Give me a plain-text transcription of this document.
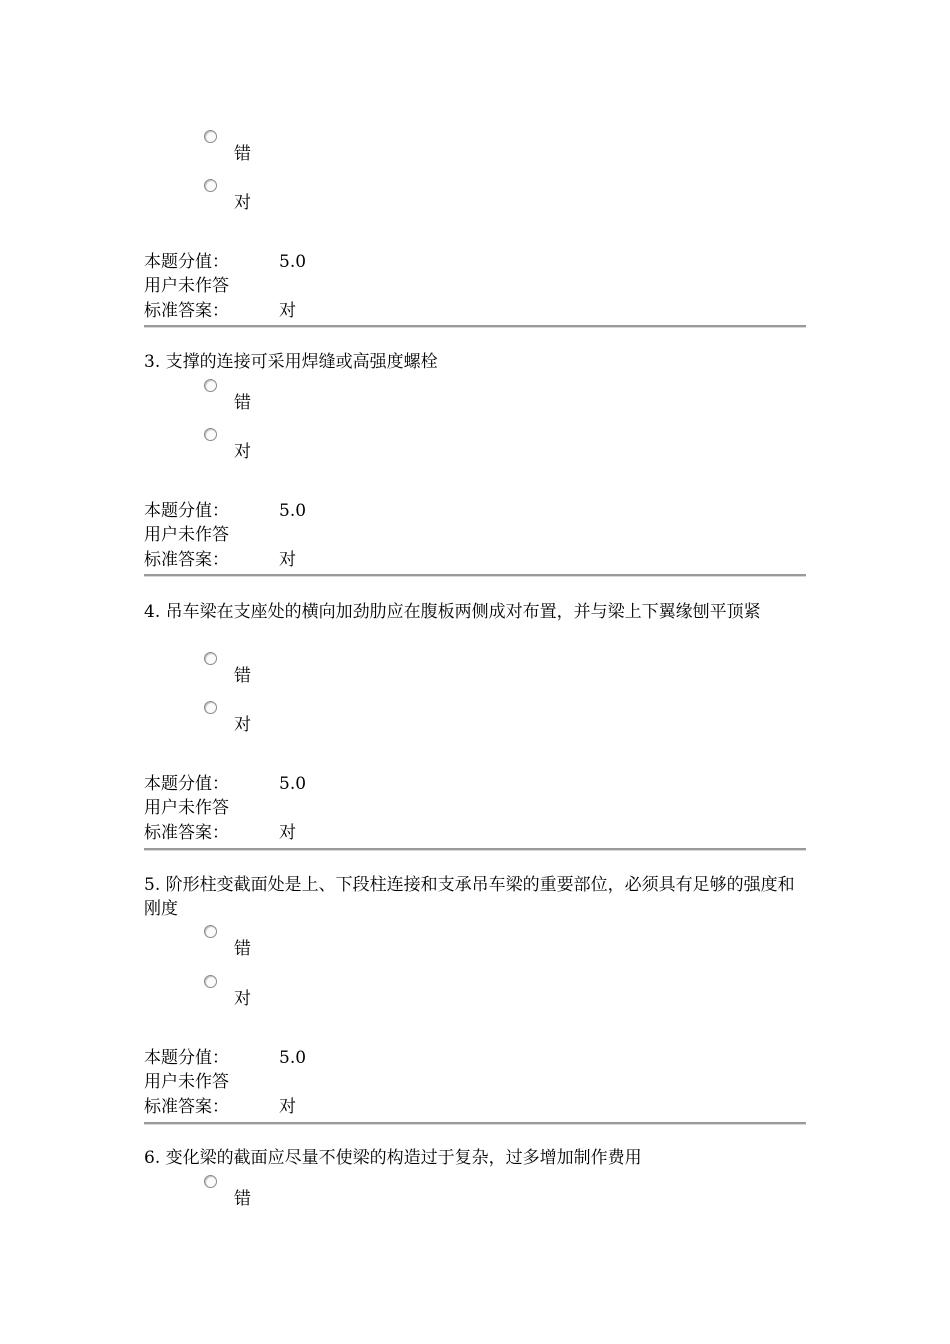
错
对
本题分值：	5.0
用户未作答
标准答案：	对
3. 支撑的连接可采用焊缝或高强度螺栓
错
对
本题分值：	5.0
用户未作答
标准答案：	对
4. 吊车梁在支座处的横向加劲肋应在腹板两侧成对布置，并与梁上下翼缘刨平顶紧
错
对
本题分值：	5.0
用户未作答
标准答案：	对
5. 阶形柱变截面处是上、下段柱连接和支承吊车梁的重要部位，必须具有足够的强度和刚度
错
对
本题分值：	5.0
用户未作答
标准答案：	对
6. 变化梁的截面应尽量不使梁的构造过于复杂，过多增加制作费用
错
